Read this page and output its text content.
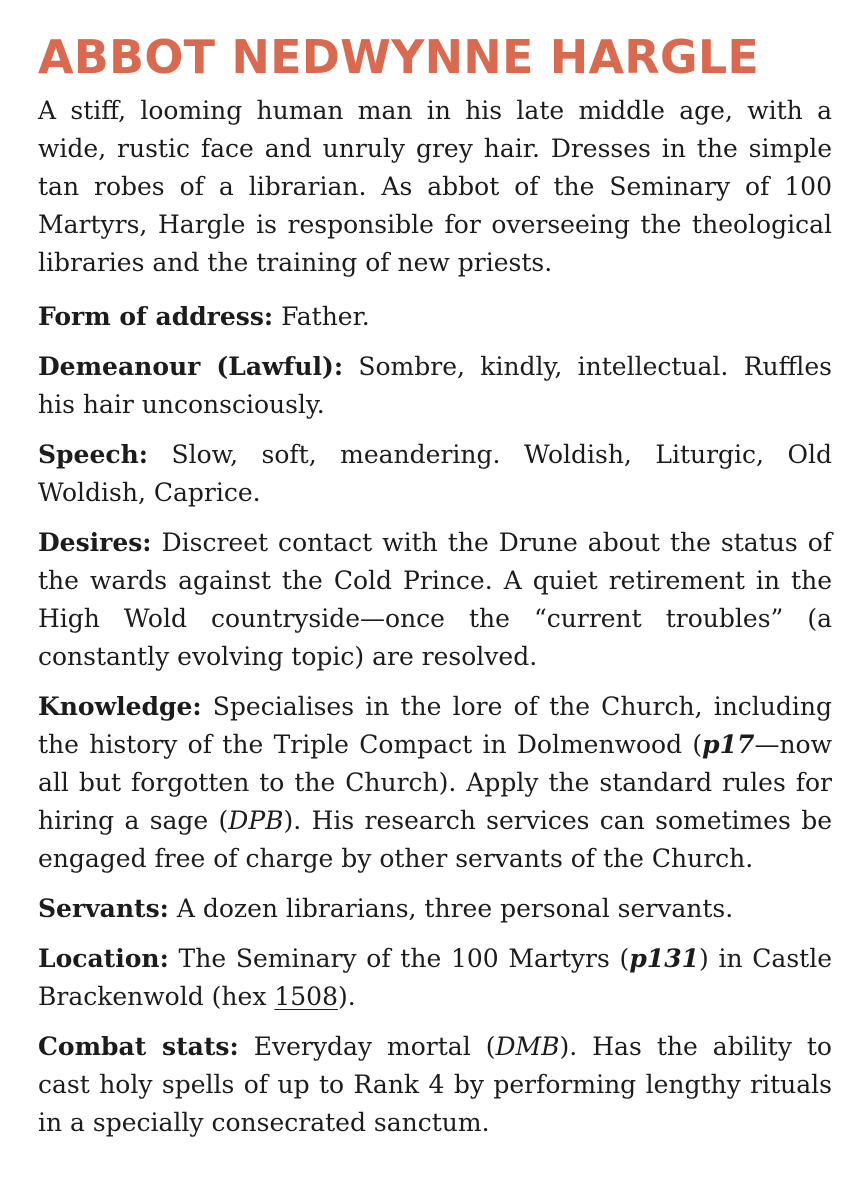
ABBOT NEDWYNNE HARGLE

A stiff, looming human man in his late middle age, with a wide, rustic face and unruly grey hair. Dresses in the simple tan robes of a librarian. As abbot of the Seminary of 100 Martyrs, Hargle is responsible for overseeing the theological libraries and the training of new priests.

Form of address: Father.

Demeanour (Lawful): Sombre, kindly, intellectual. Ruffles his hair unconsciously.

Speech: Slow, soft, meandering. Woldish, Liturgic, Old Woldish, Caprice.

Desires: Discreet contact with the Drune about the status of the wards against the Cold Prince. A quiet retirement in the High Wold countryside—once the “current troubles” (a constantly evolving topic) are resolved.

Knowledge: Specialises in the lore of the Church, including the history of the Triple Compact in Dolmenwood (p17—now all but forgotten to the Church). Apply the standard rules for hiring a sage (DPB). His research services can sometimes be engaged free of charge by other servants of the Church.

Servants: A dozen librarians, three personal servants.

Location: The Seminary of the 100 Martyrs (p131) in Castle Brackenwold (hex 1508).

Combat stats: Everyday mortal (DMB). Has the ability to cast holy spells of up to Rank 4 by performing lengthy rituals in a specially consecrated sanctum.
